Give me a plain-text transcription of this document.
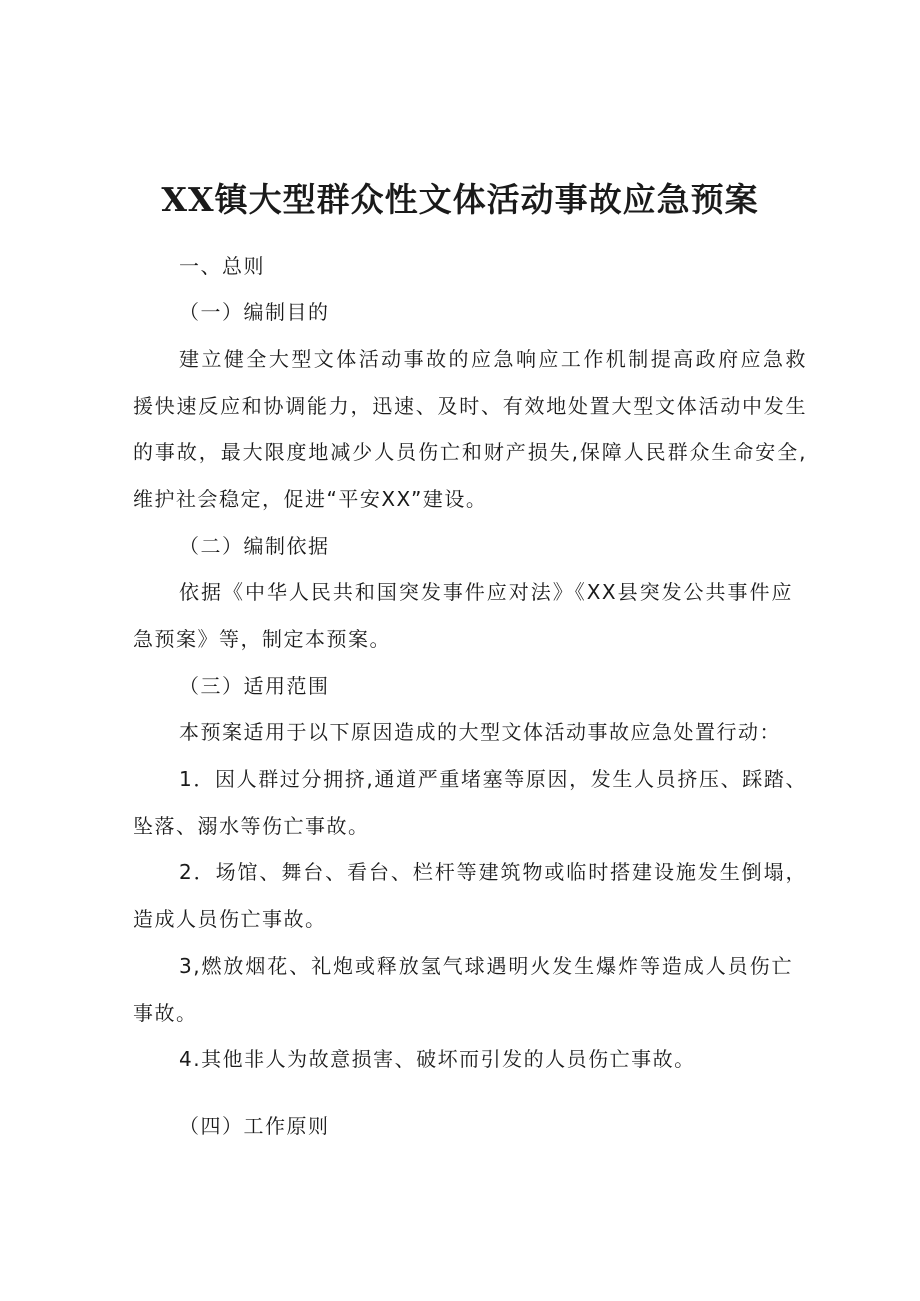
XX镇大型群众性文体活动事故应急预案
一、总则
（一）编制目的
建立健全大型文体活动事故的应急响应工作机制提高政府应急救
援快速反应和协调能力，迅速、及时、有效地处置大型文体活动中发生
的事故，最大限度地减少人员伤亡和财产损失,保障人民群众生命安全,
维护社会稳定，促进“平安XX”建设。
（二）编制依据
依据《中华人民共和国突发事件应对法》《XX县突发公共事件应
急预案》等，制定本预案。
（三）适用范围
本预案适用于以下原因造成的大型文体活动事故应急处置行动：
1．因人群过分拥挤,通道严重堵塞等原因，发生人员挤压、踩踏、
坠落、溺水等伤亡事故。
2．场馆、舞台、看台、栏杆等建筑物或临时搭建设施发生倒塌，
造成人员伤亡事故。
3,燃放烟花、礼炮或释放氢气球遇明火发生爆炸等造成人员伤亡
事故。
4.其他非人为故意损害、破坏而引发的人员伤亡事故。
（四）工作原则
